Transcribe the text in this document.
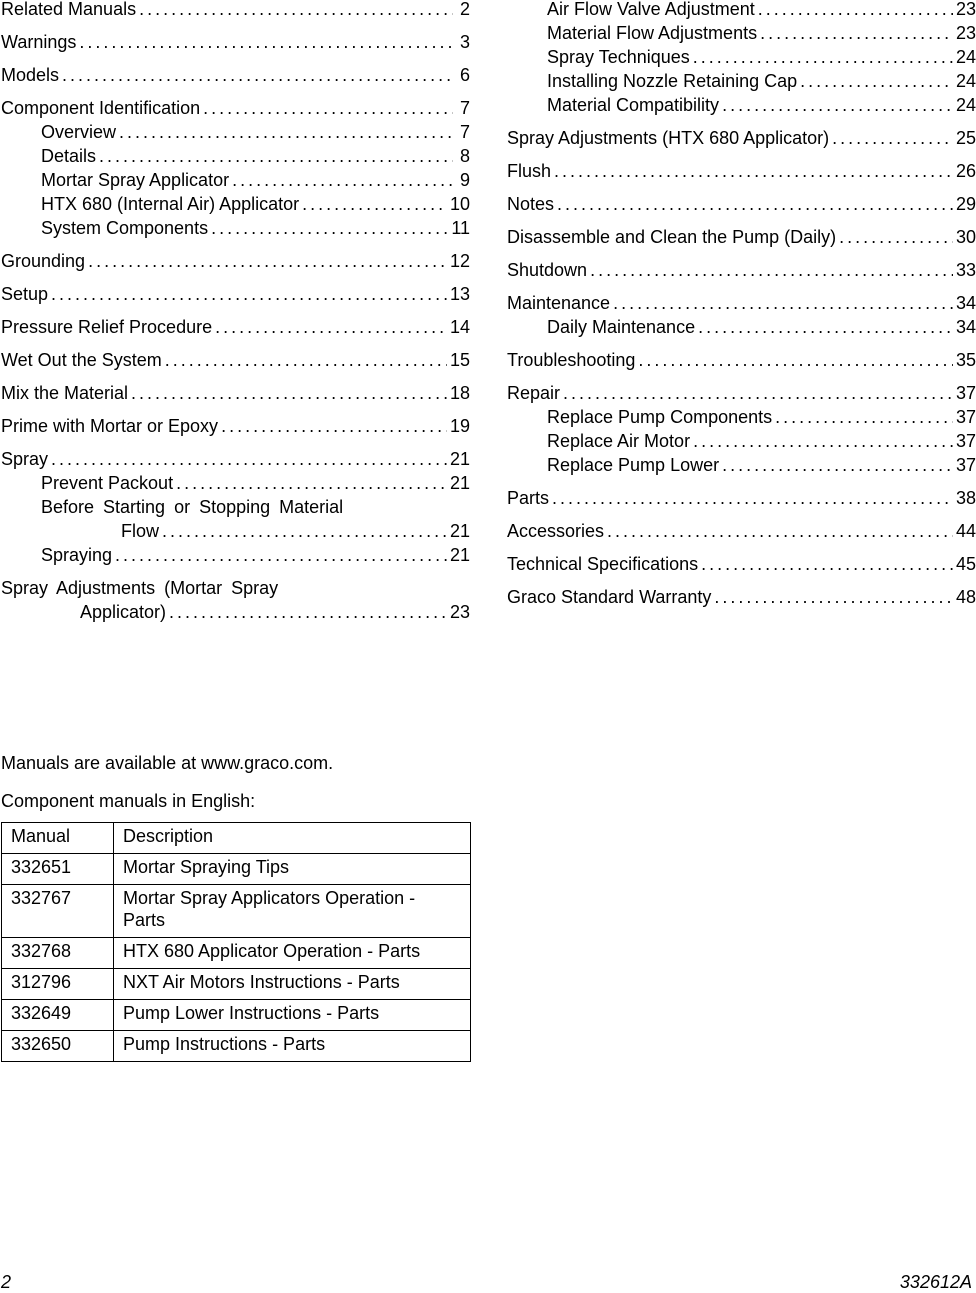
Related Manuals . . .	2
Warnings . . .	3
Models . . .	6
Component Identification . . .	7
Overview . . .	7
Details . . .	8
Mortar Spray Applicator . . .	9
HTX 680 (Internal Air) Applicator . . .	10
System Components . . .	11
Grounding . . .	12
Setup . . .	13
Pressure Relief Procedure . . .	14
Wet Out the System . . .	15
Mix the Material . . .	18
Prime with Mortar or Epoxy . . .	19
Spray . . .	21
Prevent Packout . . .	21
Before Starting or Stopping Material
Flow . . .	21
Spraying . . .	21
Spray Adjustments (Mortar Spray
Applicator) . . .	23
Air Flow Valve Adjustment . . .	23
Material Flow Adjustments . . .	23
Spray Techniques . . .	24
Installing Nozzle Retaining Cap . . .	24
Material Compatibility . . .	24
Spray Adjustments (HTX 680 Applicator) . . .	25
Flush . . .	26
Notes . . .	29
Disassemble and Clean the Pump (Daily) . . .	30
Shutdown . . .	33
Maintenance . . .	34
Daily Maintenance . . .	34
Troubleshooting . . .	35
Repair . . .	37
Replace Pump Components . . .	37
Replace Air Motor . . .	37
Replace Pump Lower . . .	37
Parts . . .	38
Accessories . . .	44
Technical Specifications . . .	45
Graco Standard Warranty . . .	48
Manuals are available at www.graco.com.
Component manuals in English:
Manual	Description
332651	Mortar Spraying Tips
332767	Mortar Spray Applicators Operation - Parts
332768	HTX 680 Applicator Operation - Parts
312796	NXT Air Motors Instructions - Parts
332649	Pump Lower Instructions - Parts
332650	Pump Instructions - Parts
2	332612A
